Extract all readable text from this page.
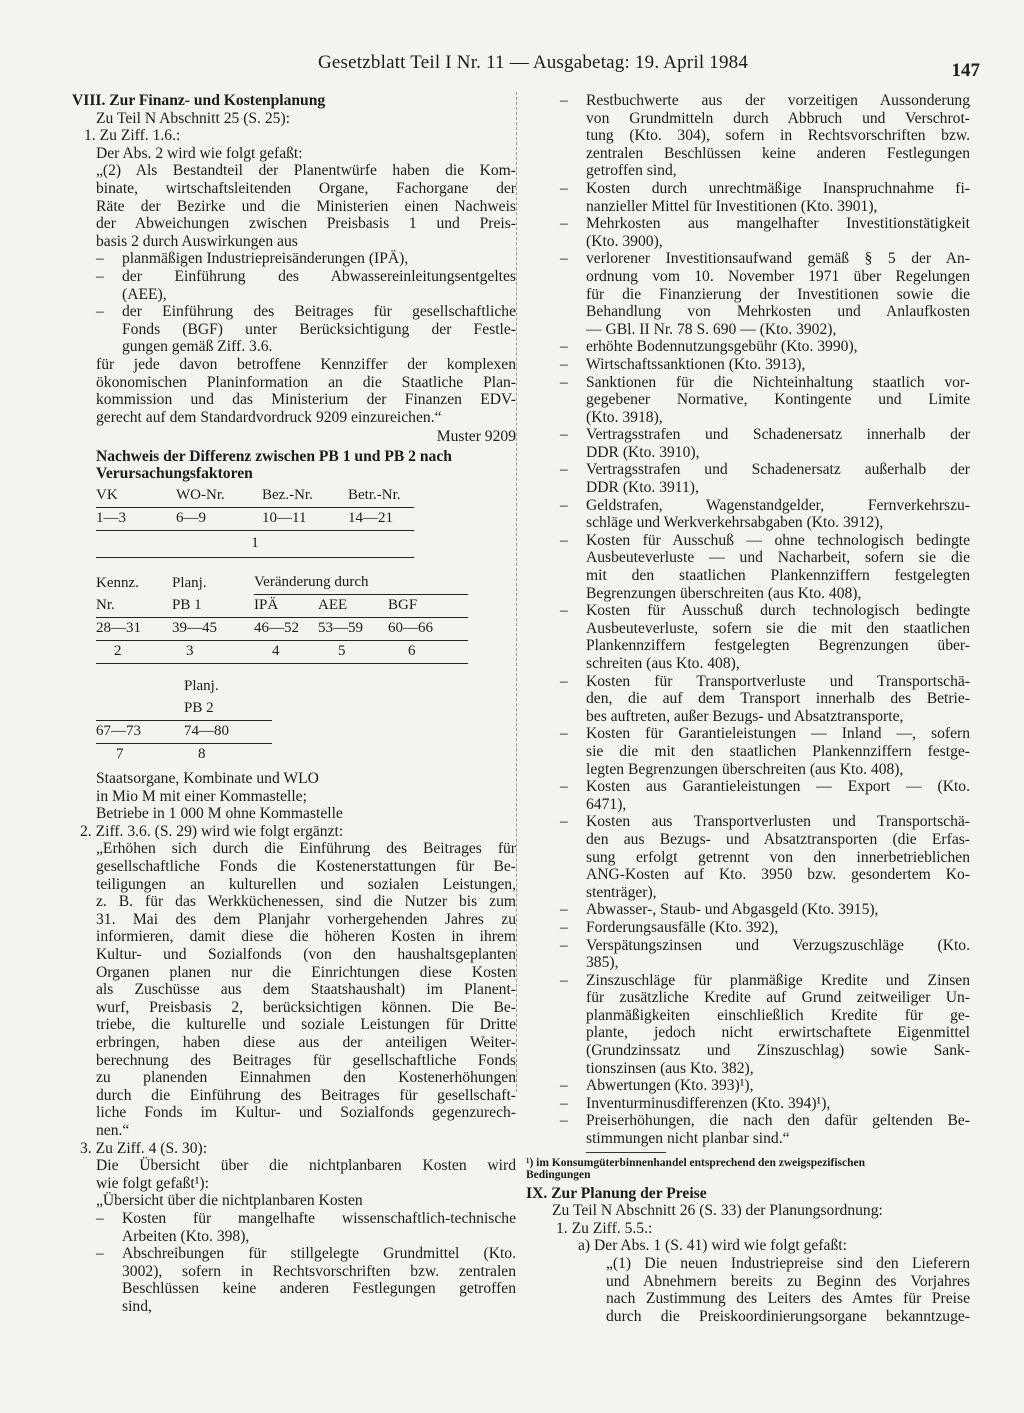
Gesetzblatt Teil I Nr. 11 — Ausgabetag: 19. April 1984	147
VIII. Zur Finanz- und Kostenplanung
Zu Teil N Abschnitt 25 (S. 25):
1. Zu Ziff. 1.6.:
Der Abs. 2 wird wie folgt gefaßt:
„(2) Als Bestandteil der Planentwürfe haben die Kom-
binate, wirtschaftsleitenden Organe, Fachorgane der
Räte der Bezirke und die Ministerien einen Nachweis
der Abweichungen zwischen Preisbasis 1 und Preis-
basis 2 durch Auswirkungen aus
–	planmäßigen Industriepreisänderungen (IPÄ),
–	der Einführung des Abwassereinleitungsentgeltes
(AEE),
–	der Einführung des Beitrages für gesellschaftliche
Fonds (BGF) unter Berücksichtigung der Festle-
gungen gemäß Ziff. 3.6.
für jede davon betroffene Kennziffer der komplexen
ökonomischen Planinformation an die Staatliche Plan-
kommission und das Ministerium der Finanzen EDV-
gerecht auf dem Standardvordruck 9209 einzureichen.“
Muster 9209
Nachweis der Differenz zwischen PB 1 und PB 2 nach
Verursachungsfaktoren
VK	WO-Nr.	Bez.-Nr.	Betr.-Nr.
1—3	6—9	10—11	14—21
1			
Kennz.	Planj.	Veränderung durch		
Nr.	PB 1	IPÄ	AEE	BGF
28—31	39—45	46—52	53—59	60—66
2	3	4	5	6
	Planj.
	PB 2
67—73	74—80
7	8
Staatsorgane, Kombinate und WLO
in Mio M mit einer Kommastelle;
Betriebe in 1 000 M ohne Kommastelle
2. Ziff. 3.6. (S. 29) wird wie folgt ergänzt:
„Erhöhen sich durch die Einführung des Beitrages für
gesellschaftliche Fonds die Kostenerstattungen für Be-
teiligungen an kulturellen und sozialen Leistungen,
z. B. für das Werkküchenessen, sind die Nutzer bis zum
31. Mai des dem Planjahr vorhergehenden Jahres zu
informieren, damit diese die höheren Kosten in ihrem
Kultur- und Sozialfonds (von den haushaltsgeplanten
Organen planen nur die Einrichtungen diese Kosten
als Zuschüsse aus dem Staatshaushalt) im Planent-
wurf, Preisbasis 2, berücksichtigen können. Die Be-
triebe, die kulturelle und soziale Leistungen für Dritte
erbringen, haben diese aus der anteiligen Weiter-
berechnung des Beitrages für gesellschaftliche Fonds
zu planenden Einnahmen den Kostenerhöhungen
durch die Einführung des Beitrages für gesellschaft-
liche Fonds im Kultur- und Sozialfonds gegenzurech-
nen.“
3. Zu Ziff. 4 (S. 30):
Die Übersicht über die nichtplanbaren Kosten wird
wie folgt gefaßt¹):
„Übersicht über die nichtplanbaren Kosten
–	Kosten für mangelhafte wissenschaftlich-technische
Arbeiten (Kto. 398),
–	Abschreibungen für stillgelegte Grundmittel (Kto.
3002), sofern in Rechtsvorschriften bzw. zentralen
Beschlüssen keine anderen Festlegungen getroffen
sind,
–	Restbuchwerte aus der vorzeitigen Aussonderung
von Grundmitteln durch Abbruch und Verschrot-
tung (Kto. 304), sofern in Rechtsvorschriften bzw.
zentralen Beschlüssen keine anderen Festlegungen
getroffen sind,
–	Kosten durch unrechtmäßige Inanspruchnahme fi-
nanzieller Mittel für Investitionen (Kto. 3901),
–	Mehrkosten aus mangelhafter Investitionstätigkeit
(Kto. 3900),
–	verlorener Investitionsaufwand gemäß § 5 der An-
ordnung vom 10. November 1971 über Regelungen
für die Finanzierung der Investitionen sowie die
Behandlung von Mehrkosten und Anlaufkosten
— GBl. II Nr. 78 S. 690 — (Kto. 3902),
–	erhöhte Bodennutzungsgebühr (Kto. 3990),
–	Wirtschaftssanktionen (Kto. 3913),
–	Sanktionen für die Nichteinhaltung staatlich vor-
gegebener Normative, Kontingente und Limite
(Kto. 3918),
–	Vertragsstrafen und Schadenersatz innerhalb der
DDR (Kto. 3910),
–	Vertragsstrafen und Schadenersatz außerhalb der
DDR (Kto. 3911),
–	Geldstrafen, Wagenstandgelder, Fernverkehrszu-
schläge und Werkverkehrsabgaben (Kto. 3912),
–	Kosten für Ausschuß — ohne technologisch bedingte
Ausbeuteverluste — und Nacharbeit, sofern sie die
mit den staatlichen Plankennziffern festgelegten
Begrenzungen überschreiten (aus Kto. 408),
–	Kosten für Ausschuß durch technologisch bedingte
Ausbeuteverluste, sofern sie die mit den staatlichen
Plankennziffern festgelegten Begrenzungen über-
schreiten (aus Kto. 408),
–	Kosten für Transportverluste und Transportschä-
den, die auf dem Transport innerhalb des Betrie-
bes auftreten, außer Bezugs- und Absatztransporte,
–	Kosten für Garantieleistungen — Inland —, sofern
sie die mit den staatlichen Plankennziffern festge-
legten Begrenzungen überschreiten (aus Kto. 408),
–	Kosten aus Garantieleistungen — Export — (Kto.
6471),
–	Kosten aus Transportverlusten und Transportschä-
den aus Bezugs- und Absatztransporten (die Erfas-
sung erfolgt getrennt von den innerbetrieblichen
ANG-Kosten auf Kto. 3950 bzw. gesondertem Ko-
stenträger),
–	Abwasser-, Staub- und Abgasgeld (Kto. 3915),
–	Forderungsausfälle (Kto. 392),
–	Verspätungszinsen und Verzugszuschläge (Kto.
385),
–	Zinszuschläge für planmäßige Kredite und Zinsen
für zusätzliche Kredite auf Grund zeitweiliger Un-
planmäßigkeiten einschließlich Kredite für ge-
plante, jedoch nicht erwirtschaftete Eigenmittel
(Grundzinssatz und Zinszuschlag) sowie Sank-
tionszinsen (aus Kto. 382),
–	Abwertungen (Kto. 393)¹),
–	Inventurminusdifferenzen (Kto. 394)¹),
–	Preiserhöhungen, die nach den dafür geltenden Be-
stimmungen nicht planbar sind.“
¹) im Konsumgüterbinnenhandel entsprechend den zweigspezifischen
Bedingungen
IX. Zur Planung der Preise
Zu Teil N Abschnitt 26 (S. 33) der Planungsordnung:
1. Zu Ziff. 5.5.:
a) Der Abs. 1 (S. 41) wird wie folgt gefaßt:
„(1) Die neuen Industriepreise sind den Lieferern
und Abnehmern bereits zu Beginn des Vorjahres
nach Zustimmung des Leiters des Amtes für Preise
durch die Preiskoordinierungsorgane bekanntzuge-
